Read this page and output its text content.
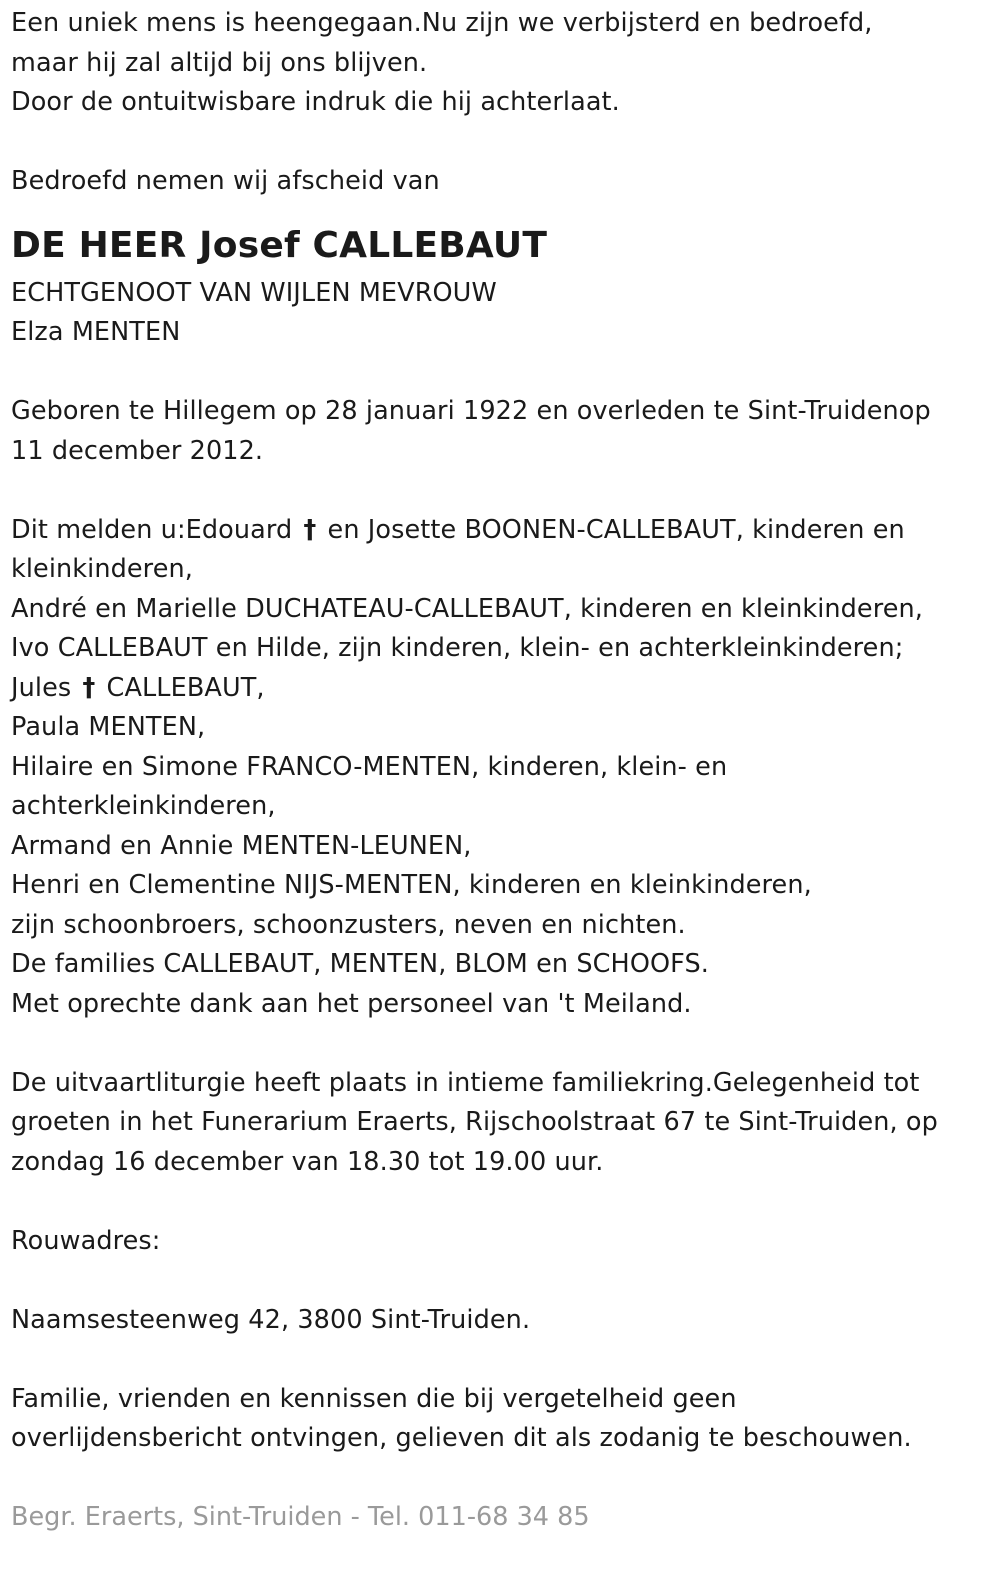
Een uniek mens is heengegaan.Nu zijn we verbijsterd en bedroefd,
maar hij zal altijd bij ons blijven.
Door de ontuitwisbare indruk die hij achterlaat.
Bedroefd nemen wij afscheid van
DE HEER Josef CALLEBAUT
ECHTGENOOT VAN WIJLEN MEVROUW
Elza MENTEN
Geboren te Hillegem op 28 januari 1922 en overleden te Sint-Truidenop
11 december 2012.
Dit melden u:Edouard † en Josette BOONEN-CALLEBAUT, kinderen en
kleinkinderen,
André en Marielle DUCHATEAU-CALLEBAUT, kinderen en kleinkinderen,
Ivo CALLEBAUT en Hilde, zijn kinderen, klein- en achterkleinkinderen;
Jules † CALLEBAUT,
Paula MENTEN,
Hilaire en Simone FRANCO-MENTEN, kinderen, klein- en
achterkleinkinderen,
Armand en Annie MENTEN-LEUNEN,
Henri en Clementine NIJS-MENTEN, kinderen en kleinkinderen,
zijn schoonbroers, schoonzusters, neven en nichten.
De families CALLEBAUT, MENTEN, BLOM en SCHOOFS.
Met oprechte dank aan het personeel van 't Meiland.
De uitvaartliturgie heeft plaats in intieme familiekring.Gelegenheid tot
groeten in het Funerarium Eraerts, Rijschoolstraat 67 te Sint-Truiden, op
zondag 16 december van 18.30 tot 19.00 uur.
Rouwadres:
Naamsesteenweg 42, 3800 Sint-Truiden.
Familie, vrienden en kennissen die bij vergetelheid geen
overlijdensbericht ontvingen, gelieven dit als zodanig te beschouwen.
Begr. Eraerts, Sint-Truiden - Tel. 011-68 34 85
